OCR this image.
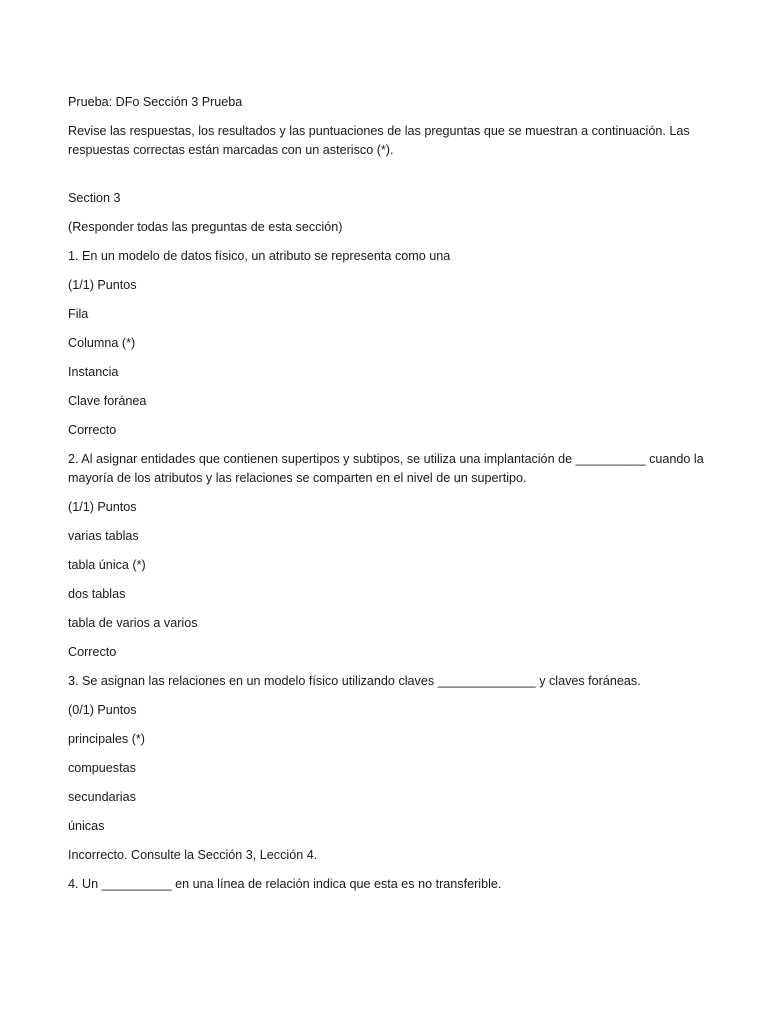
Prueba: DFo Sección 3 Prueba
Revise las respuestas, los resultados y las puntuaciones de las preguntas que se muestran a continuación. Las respuestas correctas están marcadas con un asterisco (*).
Section 3
(Responder todas las preguntas de esta sección)
1. En un modelo de datos físico, un atributo se representa como una
(1/1) Puntos
Fila
Columna (*)
Instancia
Clave foránea
Correcto
2. Al asignar entidades que contienen supertipos y subtipos, se utiliza una implantación de __________ cuando la mayoría de los atributos y las relaciones se comparten en el nivel de un supertipo.
(1/1) Puntos
varias tablas
tabla única (*)
dos tablas
tabla de varios a varios
Correcto
3. Se asignan las relaciones en un modelo físico utilizando claves ______________ y claves foráneas.
(0/1) Puntos
principales (*)
compuestas
secundarias
únicas
Incorrecto. Consulte la Sección 3, Lección 4.
4. Un __________ en una línea de relación indica que esta es no transferible.
